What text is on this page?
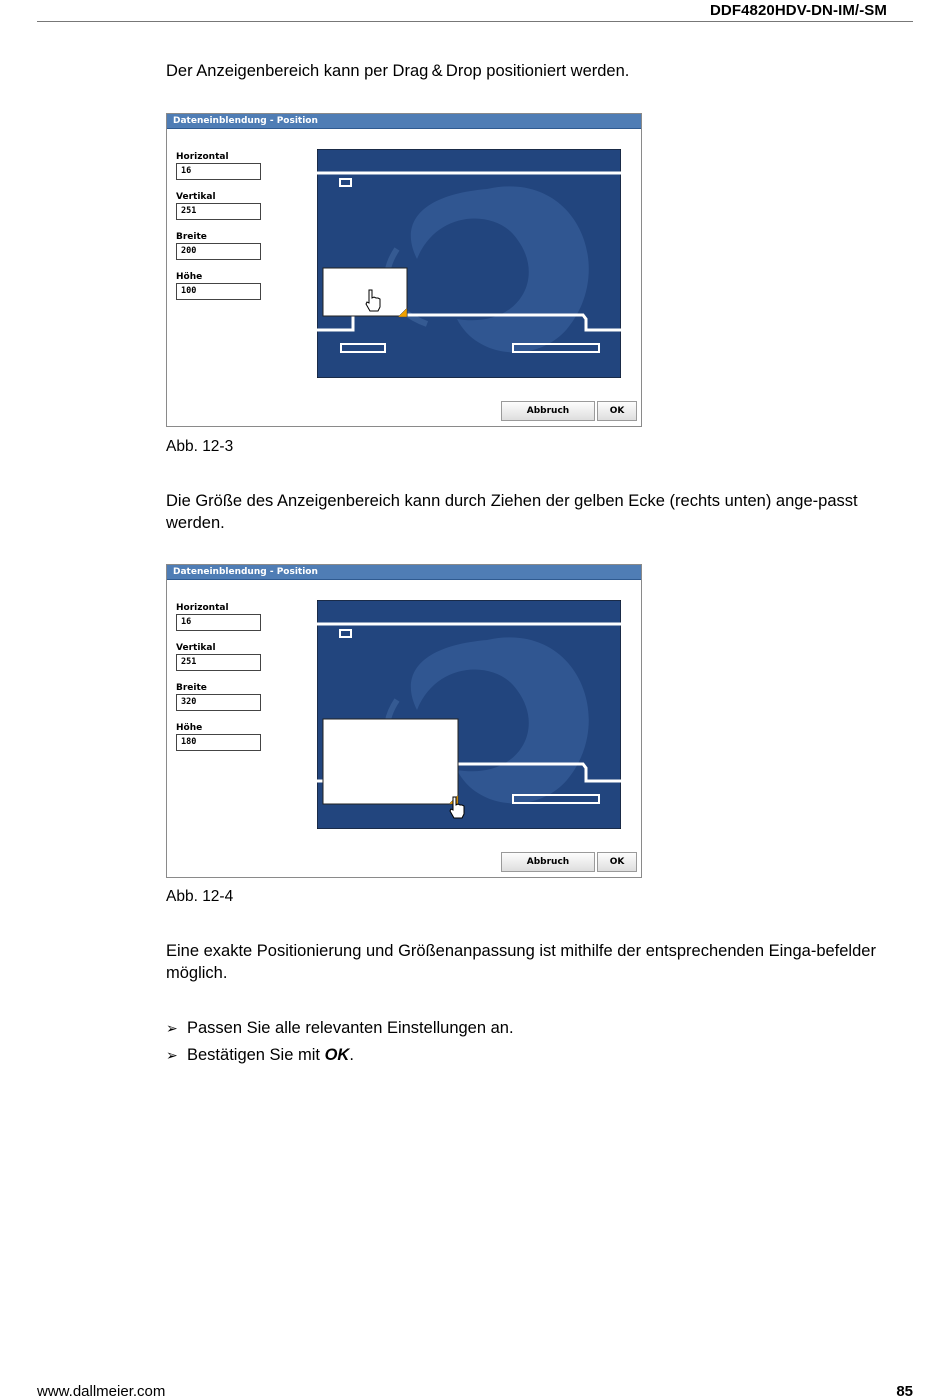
DDF4820HDV-DN-IM/-SM

Der Anzeigenbereich kann per Drag & Drop positioniert werden.

Dateneinblendung - Position
Horizontal
16
Vertikal
251
Breite
200
Höhe
100
Abbruch	OK
Abb. 12-3

Die Größe des Anzeigenbereich kann durch Ziehen der gelben Ecke (rechts unten) ange-passt werden.

Dateneinblendung - Position
Horizontal
16
Vertikal
251
Breite
320
Höhe
180
Abbruch	OK
Abb. 12-4

Eine exakte Positionierung und Größenanpassung ist mithilfe der entsprechenden Einga-befelder möglich.

➢ Passen Sie alle relevanten Einstellungen an.
➢ Bestätigen Sie mit OK.
www.dallmeier.com	85
